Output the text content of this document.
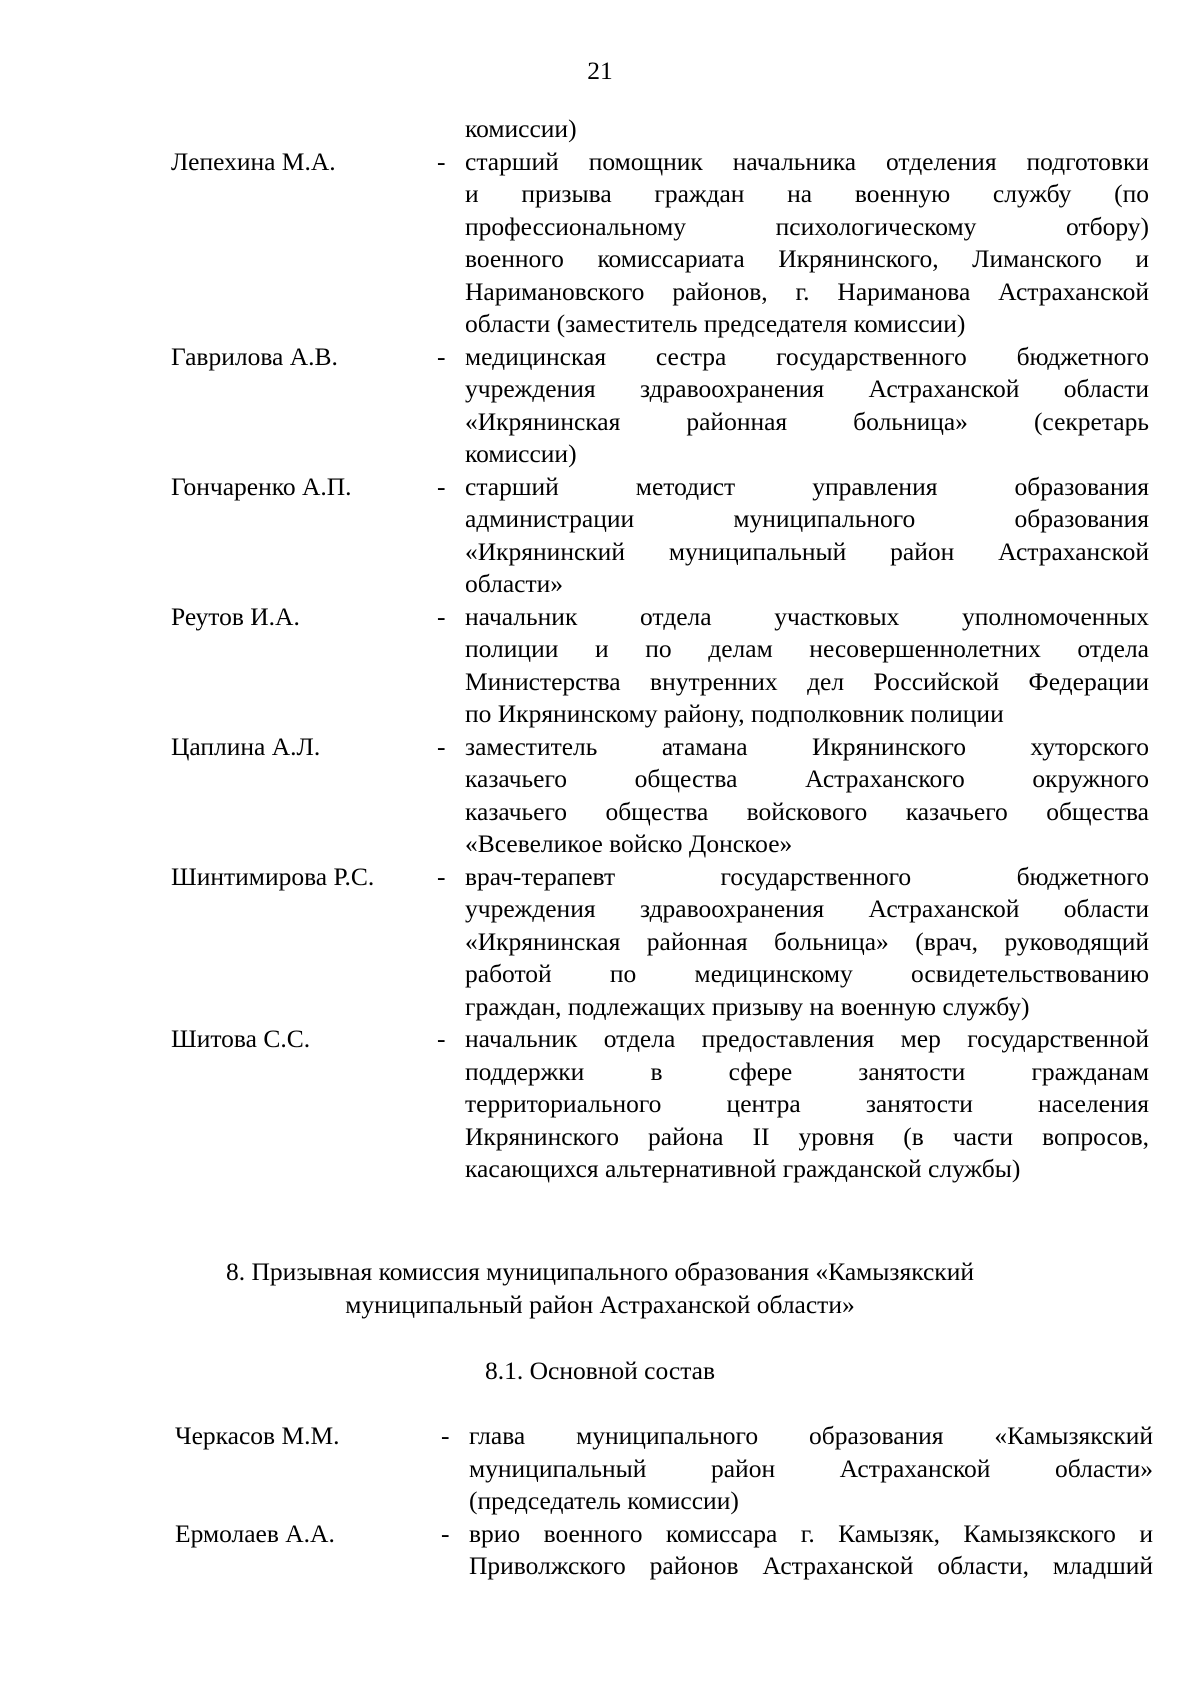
21
комиссии)
Лепехина М.А.	- старший помощник начальника отделения подготовки
и призыва граждан на военную службу (по
профессиональному психологическому отбору)
военного комиссариата Икрянинского, Лиманского и
Наримановского районов, г. Нариманова Астраханской
области (заместитель председателя комиссии)
Гаврилова А.В.	- медицинская сестра государственного бюджетного
учреждения здравоохранения Астраханской области
«Икрянинская районная больница» (секретарь
комиссии)
Гончаренко А.П.	- старший методист управления образования
администрации муниципального образования
«Икрянинский муниципальный район Астраханской
области»
Реутов И.А.	- начальник отдела участковых уполномоченных
полиции и по делам несовершеннолетних отдела
Министерства внутренних дел Российской Федерации
по Икрянинскому району, подполковник полиции
Цаплина А.Л.	- заместитель атамана Икрянинского хуторского
казачьего общества Астраханского окружного
казачьего общества войскового казачьего общества
«Всевеликое войско Донское»
Шинтимирова Р.С. - врач-терапевт государственного бюджетного
учреждения здравоохранения Астраханской области
«Икрянинская районная больница» (врач, руководящий
работой по медицинскому освидетельствованию
граждан, подлежащих призыву на военную службу)
Шитова С.С.	- начальник отдела предоставления мер государственной
поддержки в сфере занятости гражданам
территориального центра занятости населения
Икрянинского района II уровня (в части вопросов,
касающихся альтернативной гражданской службы)
8. Призывная комиссия муниципального образования «Камызякский
муниципальный район Астраханской области»
8.1. Основной состав
Черкасов М.М.	- глава муниципального образования «Камызякский
муниципальный район Астраханской области»
(председатель комиссии)
Ермолаев А.А.	- врио военного комиссара г. Камызяк, Камызякского и
Приволжского районов Астраханской области, младший
